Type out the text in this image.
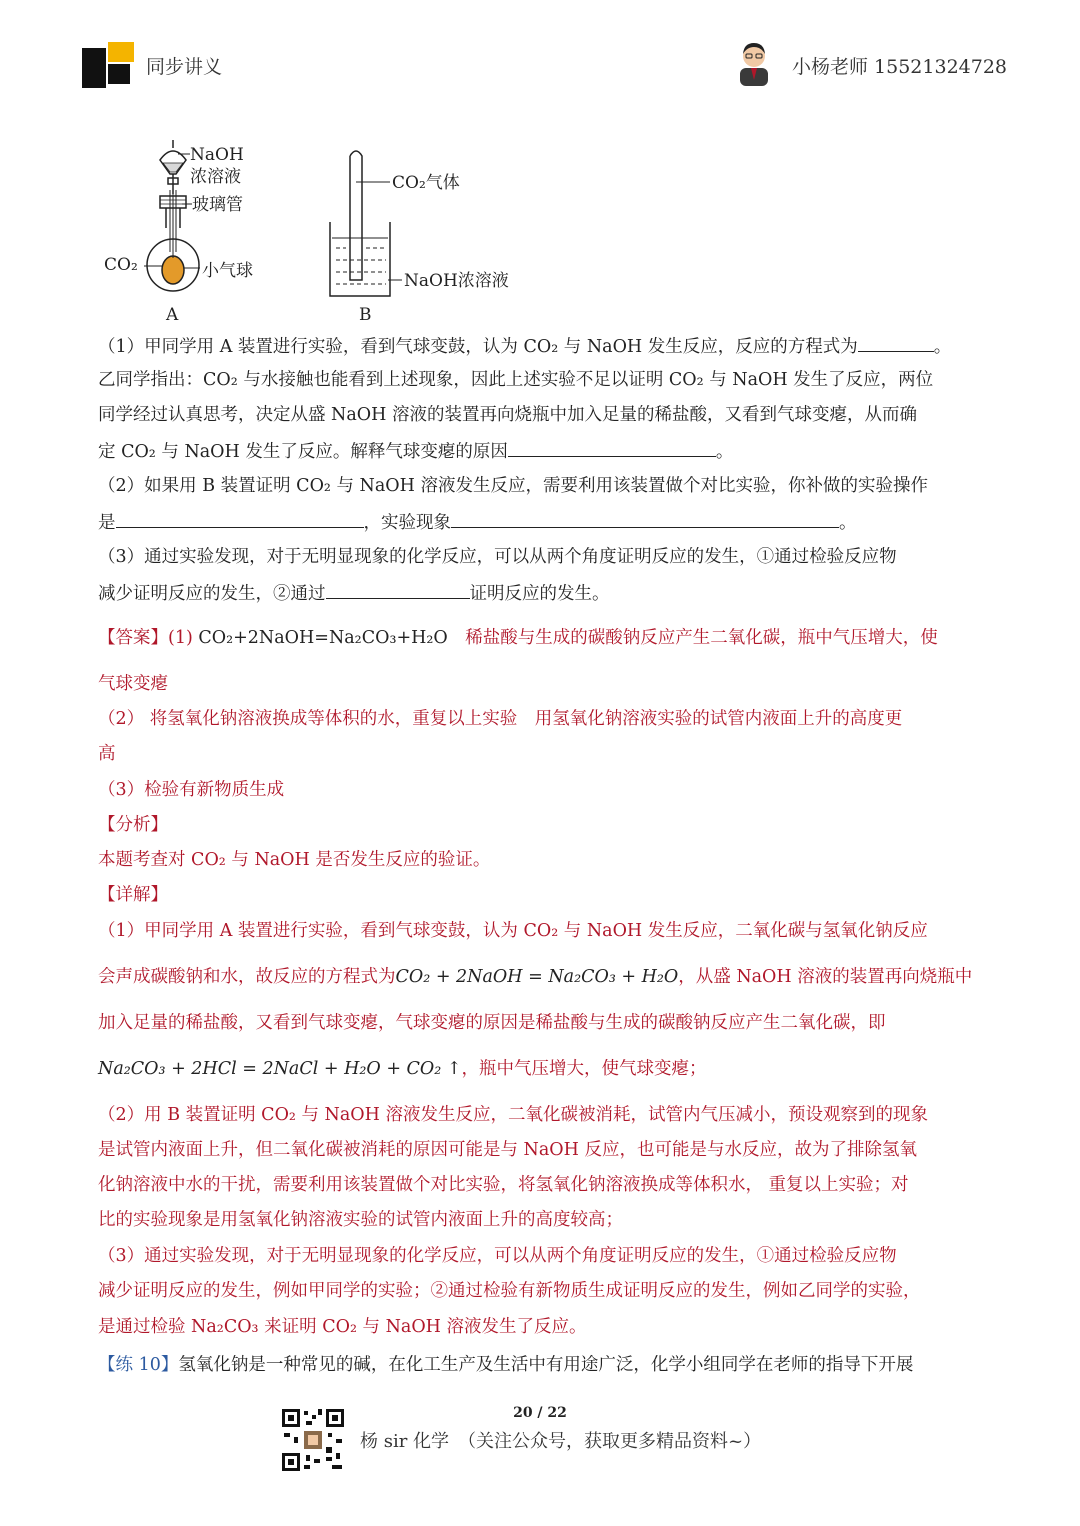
同步讲义	小杨老师 15521324728
NaOH
浓溶液
玻璃管
CO₂	小气球
A
CO₂气体
NaOH浓溶液
B
（1）甲同学用 A 装置进行实验，看到气球变鼓，认为 CO₂ 与 NaOH 发生反应，反应的方程式为	。
乙同学指出：CO₂ 与水接触也能看到上述现象，因此上述实验不足以证明 CO₂ 与 NaOH 发生了反应，两位
同学经过认真思考，决定从盛 NaOH 溶液的装置再向烧瓶中加入足量的稀盐酸，又看到气球变瘪，从而确
定 CO₂ 与 NaOH 发生了反应。解释气球变瘪的原因	。
（2）如果用 B 装置证明 CO₂ 与 NaOH 溶液发生反应，需要利用该装置做个对比实验，你补做的实验操作
是	，实验现象	。
（3）通过实验发现，对于无明显现象的化学反应，可以从两个角度证明反应的发生，①通过检验反应物
减少证明反应的发生，②通过	证明反应的发生。
【答案】(1) CO₂+2NaOH=Na₂CO₃+H₂O　 稀盐酸与生成的碳酸钠反应产生二氧化碳，瓶中气压增大，使
气球变瘪
（2） 将氢氧化钠溶液换成等体积的水，重复以上实验　用氢氧化钠溶液实验的试管内液面上升的高度更
高
（3）检验有新物质生成
【分析】
本题考查对 CO₂ 与 NaOH 是否发生反应的验证。
【详解】
（1）甲同学用 A 装置进行实验，看到气球变鼓，认为 CO₂ 与 NaOH 发生反应，二氧化碳与氢氧化钠反应
会声成碳酸钠和水，故反应的方程式为CO₂ + 2NaOH = Na₂CO₃ + H₂O，从盛 NaOH 溶液的装置再向烧瓶中
加入足量的稀盐酸，又看到气球变瘪，气球变瘪的原因是稀盐酸与生成的碳酸钠反应产生二氧化碳，即
Na₂CO₃ + 2HCl = 2NaCl + H₂O + CO₂ ↑，瓶中气压增大，使气球变瘪；
（2）用 B 装置证明 CO₂ 与 NaOH 溶液发生反应，二氧化碳被消耗，试管内气压减小，预设观察到的现象
是试管内液面上升，但二氧化碳被消耗的原因可能是与 NaOH 反应，也可能是与水反应，故为了排除氢氧
化钠溶液中水的干扰，需要利用该装置做个对比实验，将氢氧化钠溶液换成等体积水， 重复以上实验；对
比的实验现象是用氢氧化钠溶液实验的试管内液面上升的高度较高；
（3）通过实验发现，对于无明显现象的化学反应，可以从两个角度证明反应的发生，①通过检验反应物
减少证明反应的发生，例如甲同学的实验；②通过检验有新物质生成证明反应的发生，例如乙同学的实验，
是通过检验 Na₂CO₃ 来证明 CO₂ 与 NaOH 溶液发生了反应。
【练 10】氢氧化钠是一种常见的碱，在化工生产及生活中有用途广泛，化学小组同学在老师的指导下开展
20 / 22
杨 sir 化学　（关注公众号，获取更多精品资料~）
